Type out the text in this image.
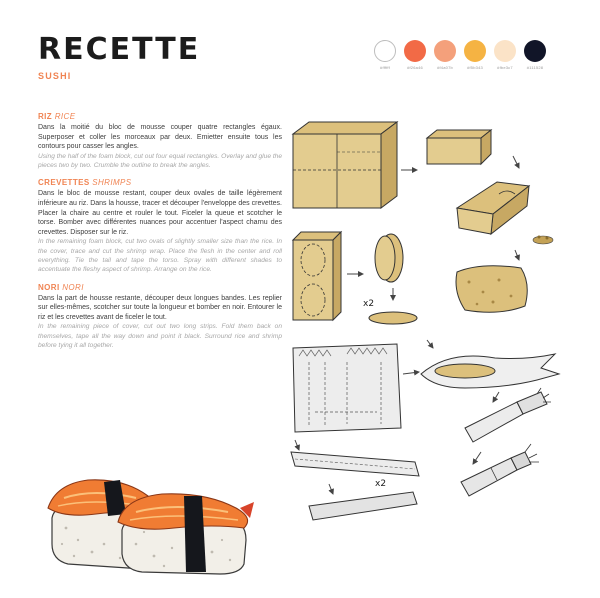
RECETTE
SUSHI
#ffffff	#f26a46	#f4a07b	#f5b343	#fbe3c7	#111528
RIZ RICE

Dans la moitié du bloc de mousse couper quatre rectangles égaux. Superposer et coller les morceaux par deux. Emietter ensuite tous les contours pour casser les angles.

Using the half of the foam block, cut out four equal rectangles. Overlay and glue the pieces two by two. Crumble the outline to break the angles.

CREVETTES SHRIMPS

Dans le bloc de mousse restant, couper deux ovales de taille légèrement inférieure au riz. Dans la housse, tracer et découper l'enveloppe des crevettes. Placer la chaire au centre et rouler le tout. Ficeler la queue et scotcher le torse. Bomber avec différentes nuances pour accentuer l'aspect charnu des crevettes. Disposer sur le riz.

In the remaining foam block, cut two ovals of slightly smaller size than the rice. In the cover, trace and cut the shrimp wrap. Place the flesh in the center and roll everything. Tie the tail and tape the torso. Spray with different shades to accentuate the fleshy aspect of shrimp. Arrange on the rice.

NORI NORI

Dans la part de housse restante, découper deux longues bandes. Les replier sur elles-mêmes, scotcher sur toute la longueur et bomber en noir. Entourer le riz et les crevettes avant de ficeler le tout.

In the remaining piece of cover, cut out two long strips. Fold them back on themselves, tape all the way down and point it black. Surround rice and shrimp before tying it all together.

x2
x2
